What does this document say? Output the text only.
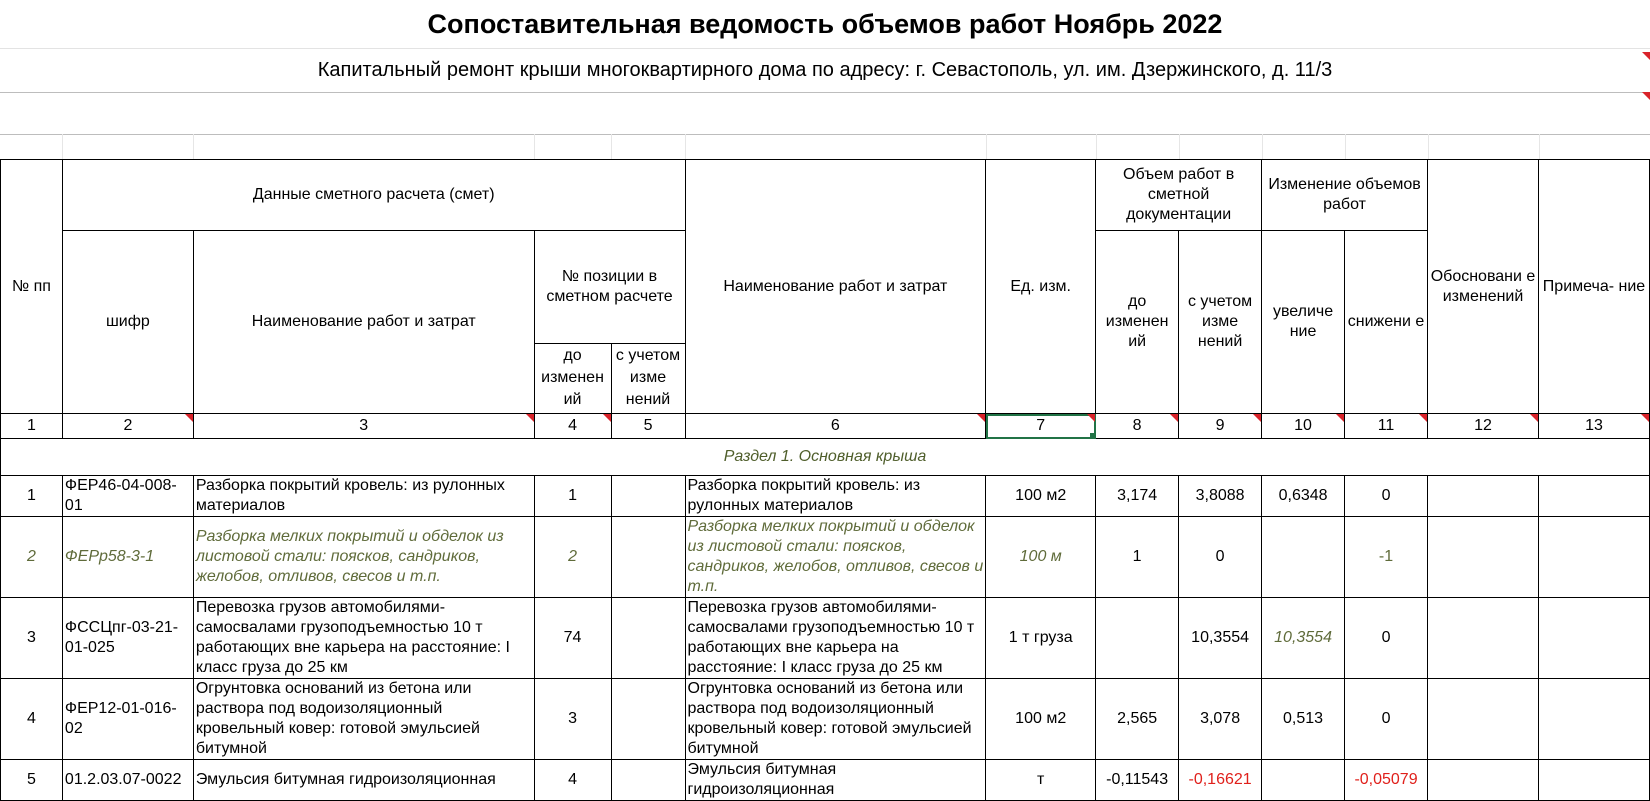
Сопоставительная ведомость объемов работ Ноябрь 2022
Капитальный ремонт крыши многоквартирного дома по адресу: г. Севастополь, ул. им. Дзержинского, д. 11/3
№ пп	Данные сметного расчета (смет)				Наименование работ и затрат	Ед. изм.	Объем работ в сметной документации		Изменение объемов работ		Обосновани е изменений	Примеча- ние
	шифр	Наименование работ и затрат	№ позиции в сметном расчете				до изменен ий	с учетом изме нений	увеличе ние	снижени е		

			до изменен ий	с учетом изме нений								

1	2	3	4	5	6	7	8	9	10	11	12	13

Раздел 1. Основная крыша												
1	ФЕР46-04-008-01	Разборка покрытий кровель: из рулонных материалов	1		Разборка покрытий кровель: из рулонных материалов	100 м2	3,174	3,8088	0,6348	0		
2	ФЕРр58-3-1	Разборка мелких покрытий и обделок из листовой стали: поясков, сандриков, желобов, отливов, свесов и т.п.	2		Разборка мелких покрытий и обделок из листовой стали: поясков, сандриков, желобов, отливов, свесов и т.п.	100 м	1	0		-1		
3	ФССЦпг-03-21-01-025	Перевозка грузов автомобилями-самосвалами грузоподъемностью 10 т работающих вне карьера на расстояние: I класс груза до 25 км	74		Перевозка грузов автомобилями-самосвалами грузоподъемностью 10 т работающих вне карьера на расстояние: I класс груза до 25 км	1 т груза		10,3554	10,3554	0		
4	ФЕР12-01-016-02	Огрунтовка оснований из бетона или раствора под водоизоляционный кровельный ковер: готовой эмульсией битумной	3		Огрунтовка оснований из бетона или раствора под водоизоляционный кровельный ковер: готовой эмульсией битумной	100 м2	2,565	3,078	0,513	0		
5	01.2.03.07-0022	Эмульсия битумная гидроизоляционная	4		Эмульсия битумная гидроизоляционная	т	-0,11543	-0,16621		-0,05079		
